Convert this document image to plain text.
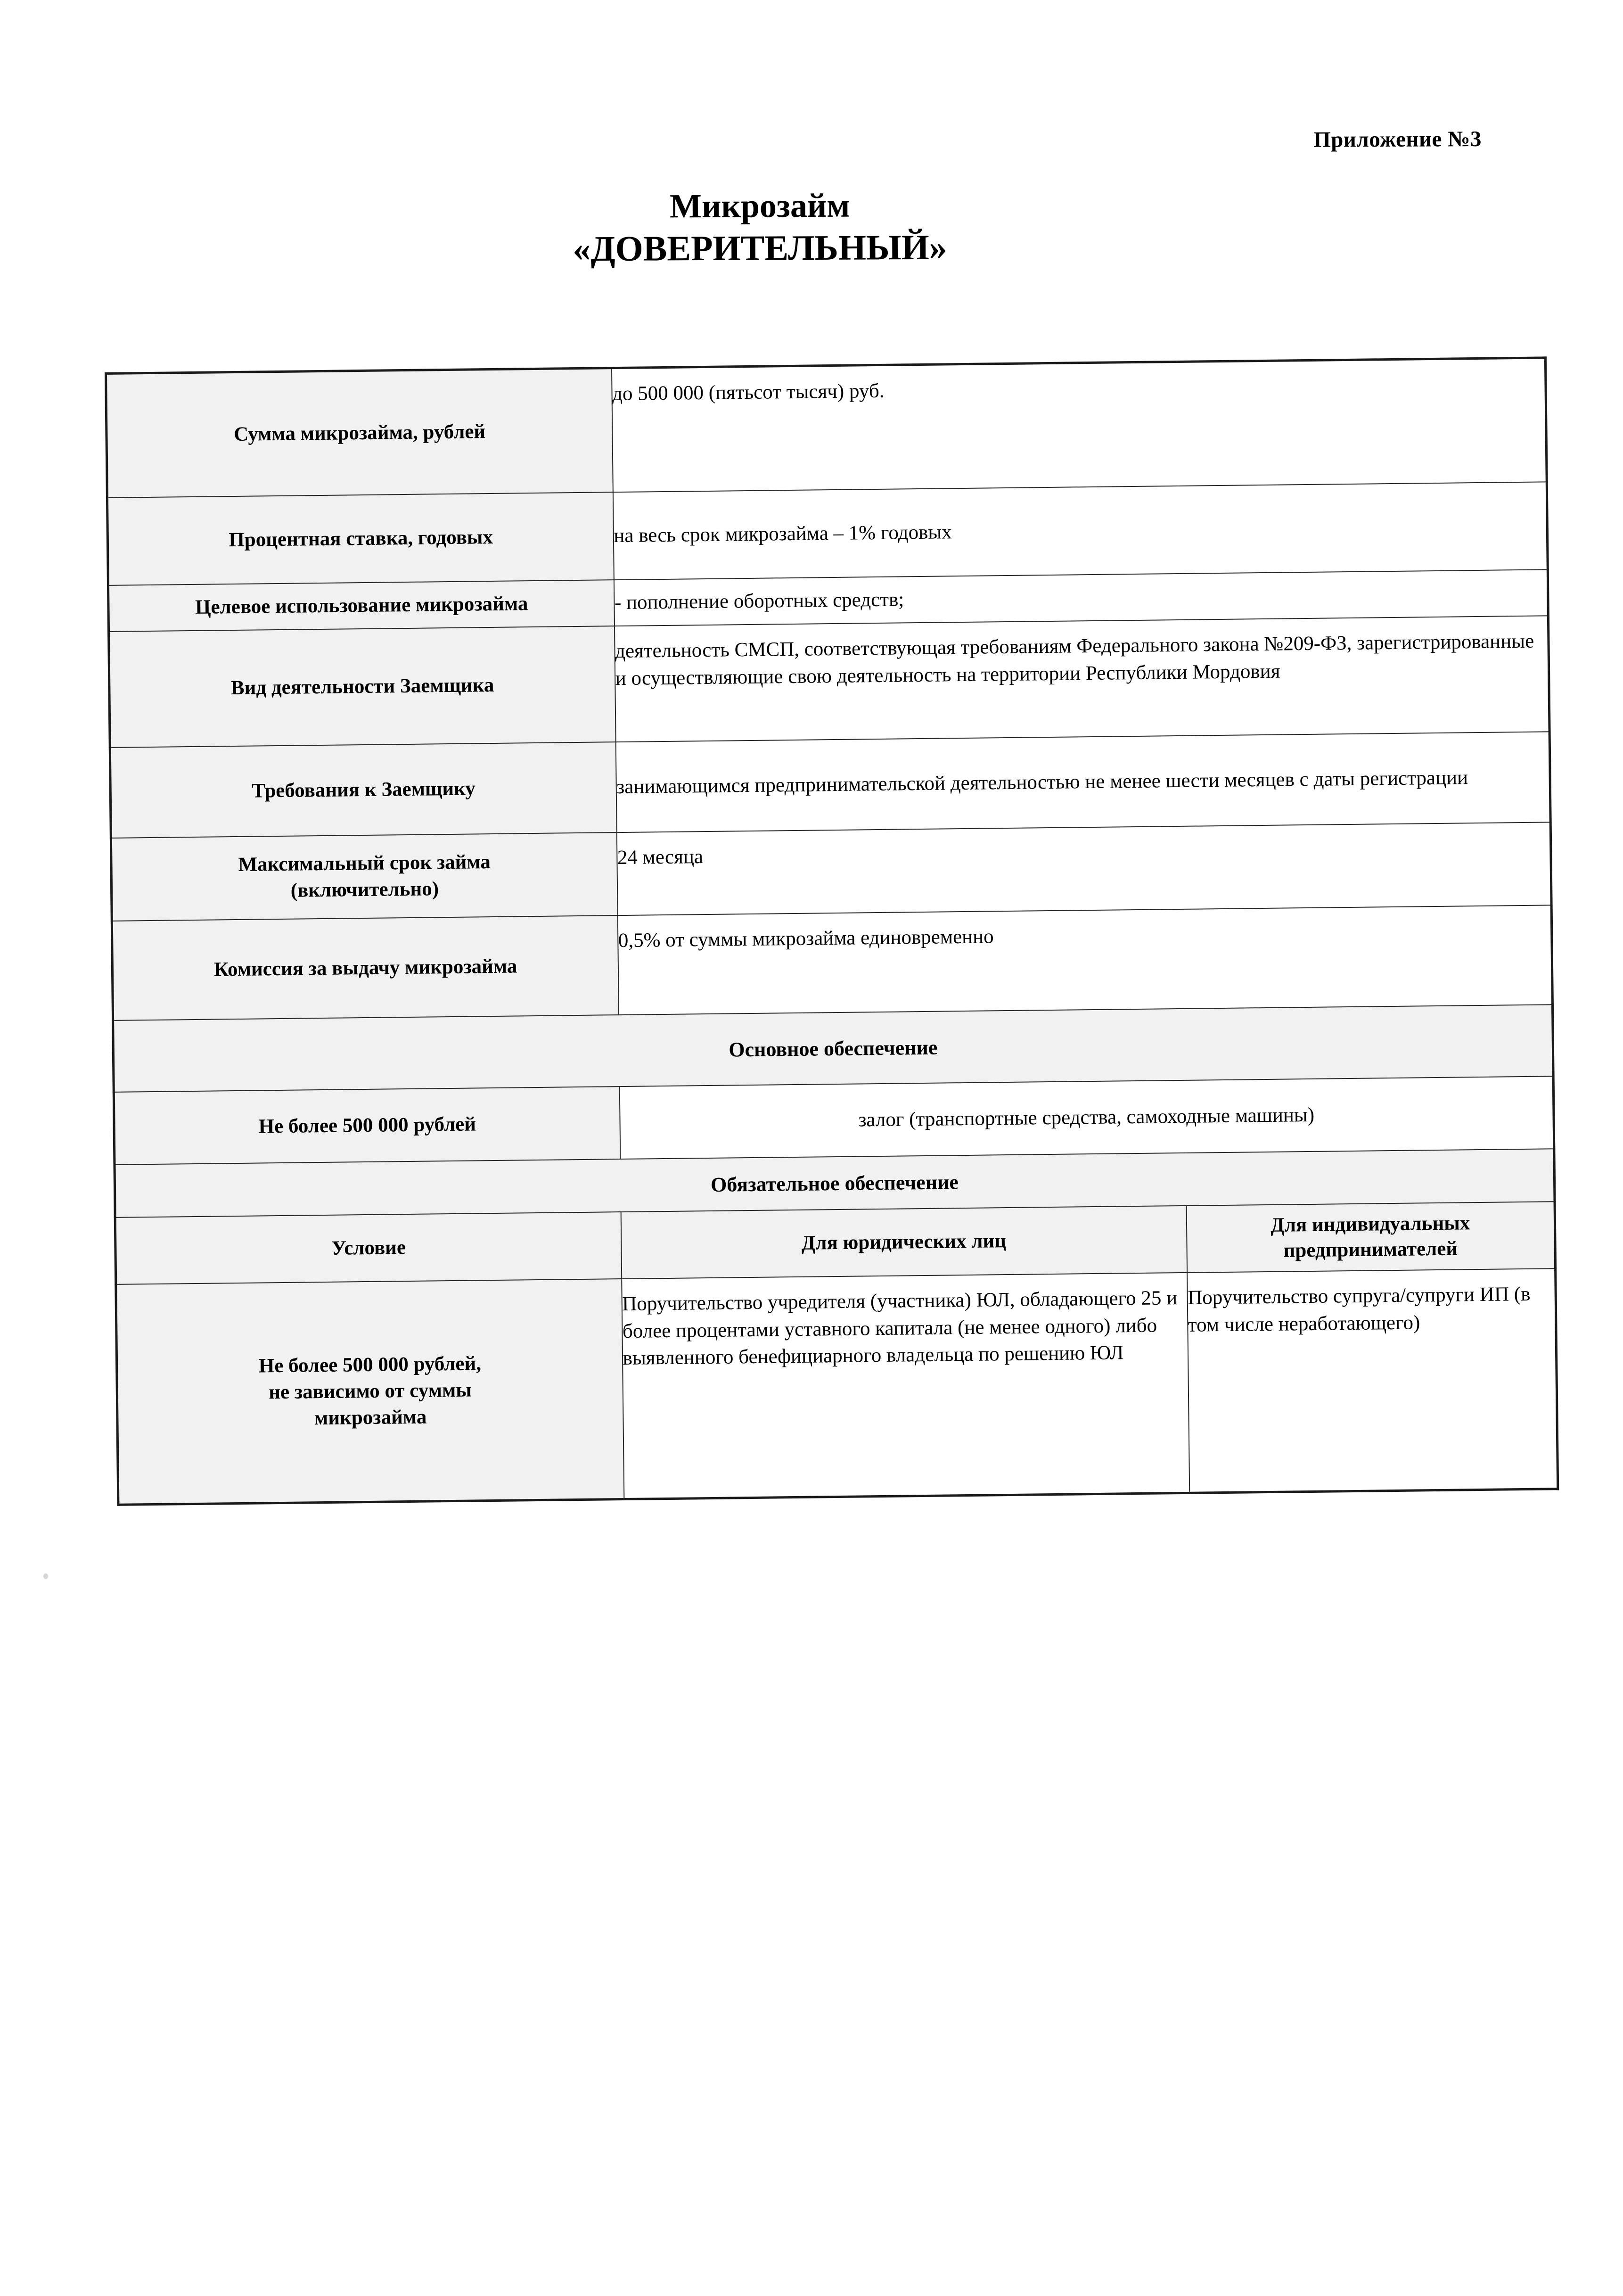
Приложение №3
Микрозайм
«ДОВЕРИТЕЛЬНЫЙ»
Сумма микрозайма, рублей	до 500 000 (пятьсот тысяч) руб.	
Процентная ставка, годовых	на весь срок микрозайма – 1% годовых	
Целевое использование микрозайма	- пополнение оборотных средств;	
Вид деятельности Заемщика	деятельность СМСП, соответствующая требованиям Федерального закона №209-ФЗ, зарегистрированные и осуществляющие свою деятельность на территории Республики Мордовия	
Требования к Заемщику	занимающимся предпринимательской деятельностью не менее шести месяцев с даты регистрации	

Максимальный срок займа
(включительно)	24 месяца	
Комиссия за выдачу микрозайма	0,5% от суммы микрозайма единовременно	
Основное обеспечение		
Не более 500 000 рублей	залог (транспортные средства, самоходные машины)	
Обязательное обеспечение		
Условие	Для юридических лиц	Для индивидуальных предпринимателей

Не более 500 000 рублей,
не зависимо от суммы
микрозайма	Поручительство учредителя (участника) ЮЛ, обладающего 25 и более процентами уставного капитала (не менее одного) либо выявленного бенефициарного владельца по решению ЮЛ	Поручительство супруга/супруги ИП (в том числе неработающего)
